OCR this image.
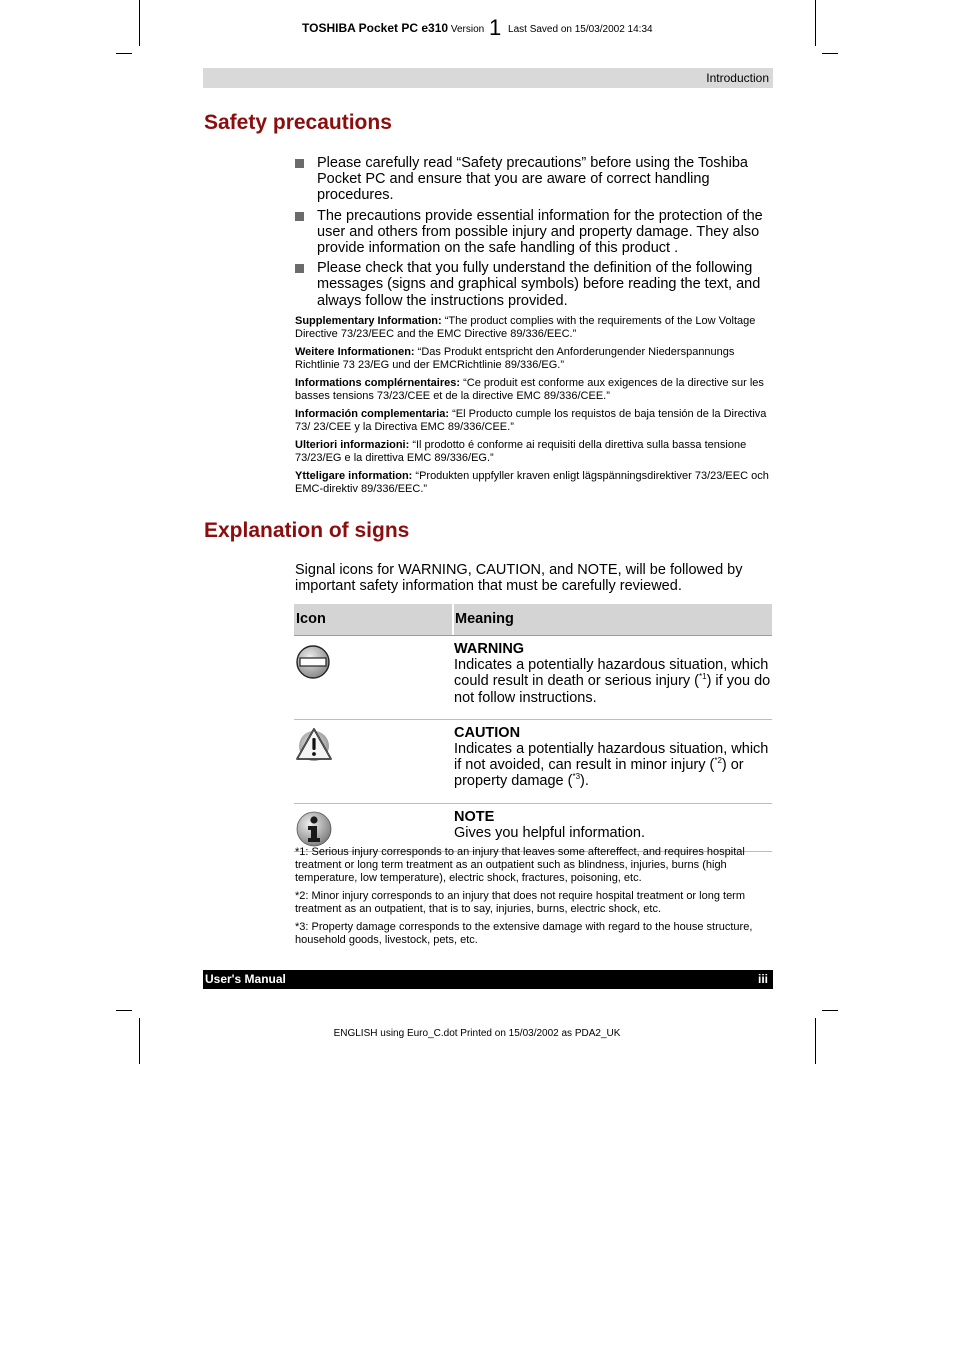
TOSHIBA Pocket PC e310 Version 1 Last Saved on 15/03/2002 14:34
Introduction
Safety precautions
Please carefully read “Safety precautions” before using the Toshiba Pocket PC and ensure that you are aware of correct handling procedures.
The precautions provide essential information for the protection of the user and others from possible injury and property damage. They also provide information on the safe handling of this product .
Please check that you fully understand the definition of the following messages (signs and graphical symbols) before reading the text, and always follow the instructions provided.

Supplementary Information: “The product complies with the requirements of the Low Voltage Directive 73/23/EEC and the EMC Directive 89/336/EEC.”

Weitere Informationen: “Das Produkt entspricht den Anforderungender Niederspannungs Richtlinie 73 23/EG und der EMCRichtlinie 89/336/EG.”

Informations complérnentaires: “Ce produit est conforme aux exigences de la directive sur les basses tensions 73/23/CEE et de la directive EMC 89/336/CEE.”

Información complementaria: “El Producto cumple los requistos de baja tensión de la Directiva 73/ 23/CEE y la Directiva EMC 89/336/CEE.”

Ulteriori informazioni: “Il prodotto é conforme ai requisiti della direttiva sulla bassa tensione 73/23/EG e la direttiva EMC 89/336/EG.”

Ytteligare information: “Produkten uppfyller kraven enligt lägspänningsdirektiver 73/23/EEC och EMC-direktiv 89/336/EEC.”

Explanation of signs

Signal icons for WARNING, CAUTION, and NOTE, will be followed by important safety information that must be carefully reviewed.

Icon	Meaning
WARNING
Indicates a potentially hazardous situation, which could result in death or serious injury ($^{*1}$) if you do not follow instructions.
CAUTION
Indicates a potentially hazardous situation, which if not avoided, can result in minor injury ($^{*2}$) or property damage ($^{*3}$).
NOTE
Gives you helpful information.

*1: Serious injury corresponds to an injury that leaves some aftereffect, and requires hospital treatment or long term treatment as an outpatient such as blindness, injuries, burns (high temperature, low temperature), electric shock, fractures, poisoning, etc.

*2: Minor injury corresponds to an injury that does not require hospital treatment or long term treatment as an outpatient, that is to say, injuries, burns, electric shock, etc.

*3: Property damage corresponds to the extensive damage with regard to the house structure, household goods, livestock, pets, etc.

User's Manual	iii
ENGLISH using Euro_C.dot Printed on 15/03/2002 as PDA2_UK
